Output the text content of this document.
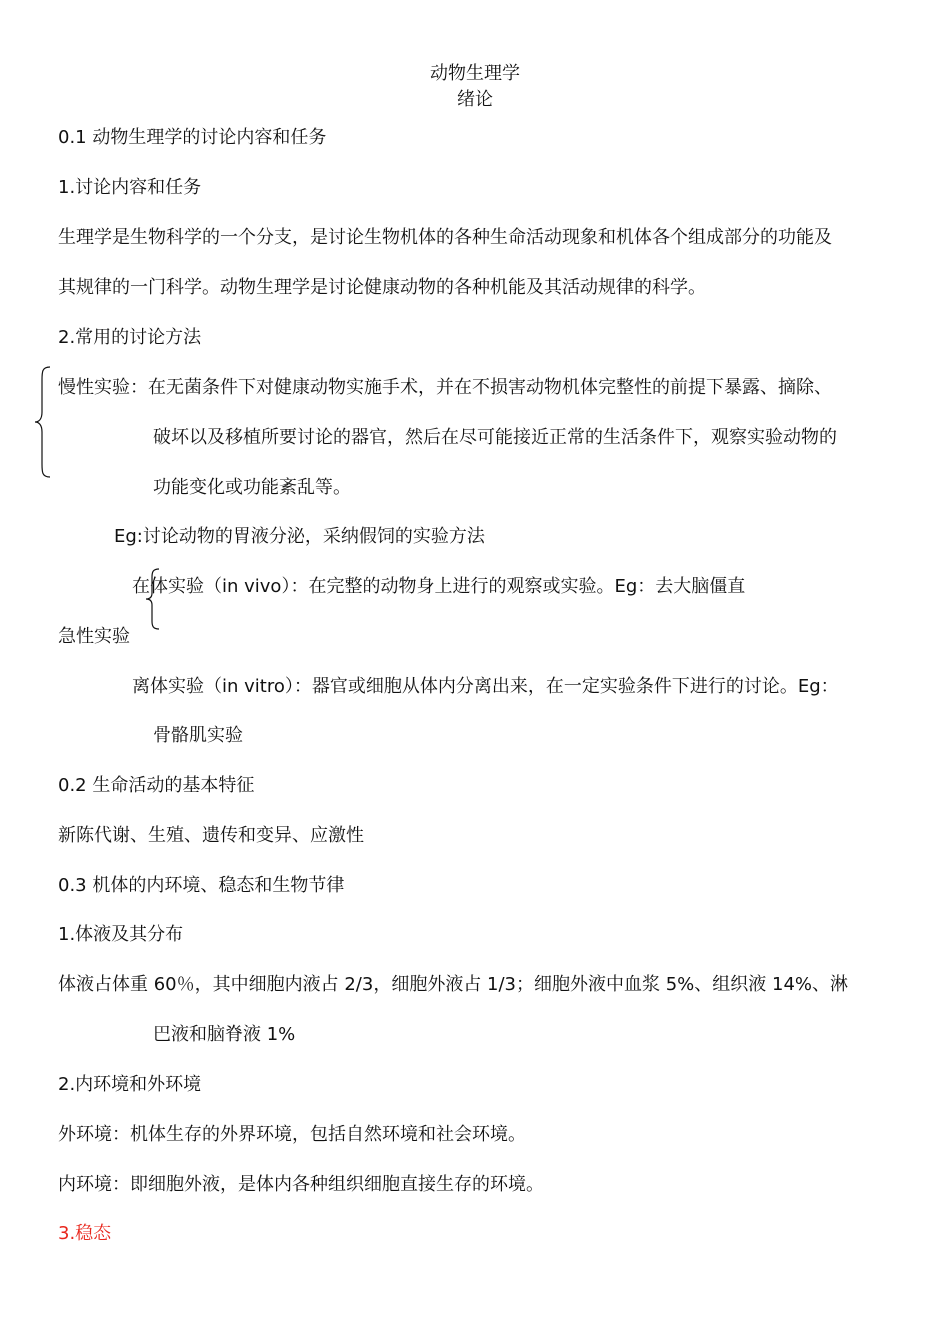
动物生理学
绪论
0.1 动物生理学的讨论内容和任务
1.讨论内容和任务
生理学是生物科学的一个分支，是讨论生物机体的各种生命活动现象和机体各个组成部分的功能及
其规律的一门科学。动物生理学是讨论健康动物的各种机能及其活动规律的科学。
2.常用的讨论方法
慢性实验：在无菌条件下对健康动物实施手术，并在不损害动物机体完整性的前提下暴露、摘除、
破坏以及移植所要讨论的器官，然后在尽可能接近正常的生活条件下，观察实验动物的
功能变化或功能紊乱等。
Eg:讨论动物的胃液分泌，采纳假饲的实验方法
在体实验（in vivo）：在完整的动物身上进行的观察或实验。Eg：去大脑僵直
急性实验
离体实验（in vitro）：器官或细胞从体内分离出来，在一定实验条件下进行的讨论。Eg：
骨骼肌实验
0.2 生命活动的基本特征
新陈代谢、生殖、遗传和变异、应激性
0.3 机体的内环境、稳态和生物节律
1.体液及其分布
体液占体重 60％，其中细胞内液占 2/3，细胞外液占 1/3；细胞外液中血浆 5%、组织液 14%、淋
巴液和脑脊液 1%
2.内环境和外环境
外环境：机体生存的外界环境，包括自然环境和社会环境。
内环境：即细胞外液，是体内各种组织细胞直接生存的环境。
3.稳态
